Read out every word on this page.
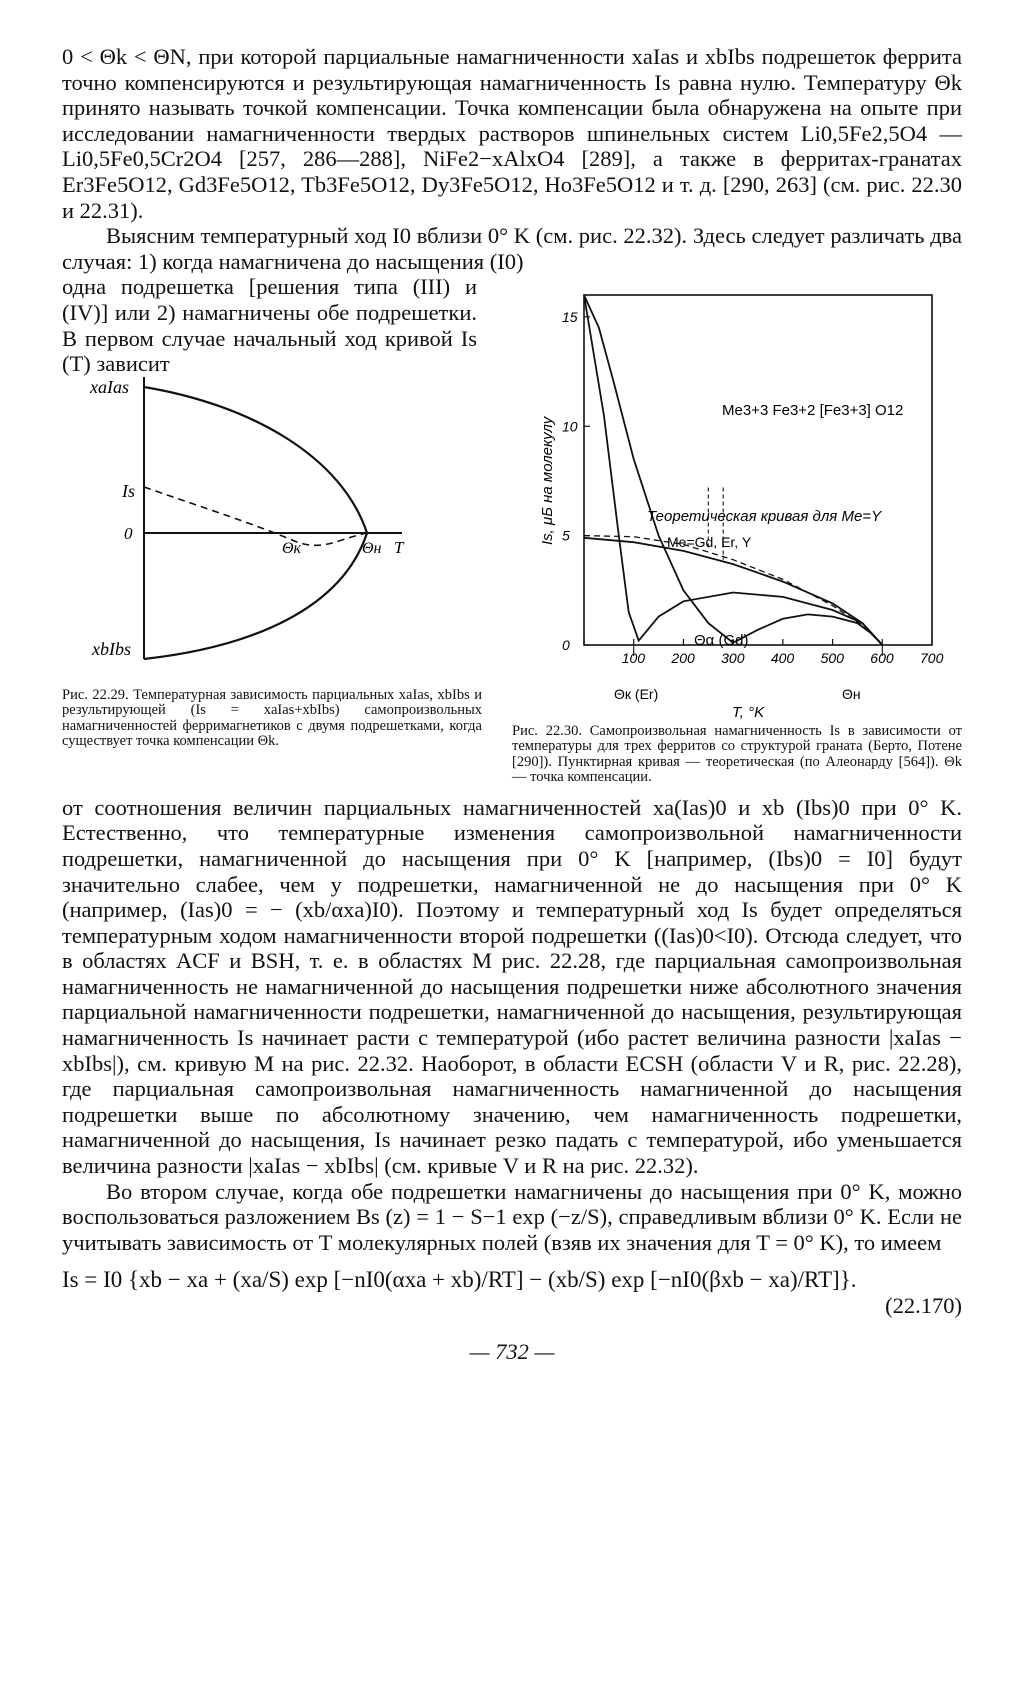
0 < Θk < ΘN, при которой парциальные намагниченности xaIas и xbIbs подрешеток феррита точно компенсируются и результирующая намагниченность Is равна нулю. Температуру Θk принято называть точкой компенсации. Точка компенсации была обнаружена на опыте при исследовании намагниченности твердых растворов шпинельных систем Li0,5Fe2,5O4 — Li0,5Fe0,5Cr2O4 [257, 286—288], NiFe2−xAlxO4 [289], а также в ферритах-гранатах Er3Fe5O12, Gd3Fe5O12, Tb3Fe5O12, Dy3Fe5O12, Ho3Fe5O12 и т. д. [290, 263] (см. рис. 22.30 и 22.31).

Выясним температурный ход I0 вблизи 0° K (см. рис. 22.32). Здесь следует различать два случая: 1) когда намагничена до насыщения (I0)

одна подрешетка [решения типа (III) и (IV)] или 2) намагничены обе подрешетки. В первом случае начальный ход кривой Is (T) зависит
xaIas
Is
0
Θк	Θн T
xbIbs
Рис. 22.29. Температурная зависимость парциальных xaIas, xbIbs и результирующей (Is = xaIas+xbIbs) самопроизвольных намагниченностей ферримагнетиков с двумя подрешетками, когда существует точка компенсации Θk.
100 200 300 400 500 600 700
0
5
10
15
Me3+3 Fe3+2 [Fe3+3] O12
Теоретическая кривая для Me=Y
Me=Gd, Er, Y
Θα (Gd)
Θк (Er)	Θн
T, °K
Is, μБ на молекулу
Рис. 22.30. Самопроизвольная намагниченность Is в зависимости от температуры для трех ферритов со структурой граната (Берто, Потене [290]). Пунктирная кривая — теоретическая (по Алеонарду [564]). Θk — точка компенсации.

от соотношения величин парциальных намагниченностей xa(Ias)0 и xb (Ibs)0 при 0° K. Естественно, что температурные изменения самопроизвольной намагниченности подрешетки, намагниченной до насыщения при 0° K [например, (Ibs)0 = I0] будут значительно слабее, чем у подрешетки, намагниченной не до насыщения при 0° K (например, (Ias)0 = − (xb/αxa)I0). Поэтому и температурный ход Is будет определяться температурным ходом намагниченности второй подрешетки ((Ias)0<I0). Отсюда следует, что в областях ACF и BSH, т. е. в областях M рис. 22.28, где парциальная самопроизвольная намагниченность не намагниченной до насыщения подрешетки ниже абсолютного значения парциальной намагниченности подрешетки, намагниченной до насыщения, результирующая намагниченность Is начинает расти с температурой (ибо растет величина разности |xaIas − xbIbs|), см. кривую M на рис. 22.32. Наоборот, в области ECSH (области V и R, рис. 22.28), где парциальная самопроизвольная намагниченность намагниченной до насыщения подрешетки выше по абсолютному значению, чем намагниченность подрешетки, намагниченной до насыщения, Is начинает резко падать с температурой, ибо уменьшается величина разности |xaIas − xbIbs| (см. кривые V и R на рис. 22.32).

Во втором случае, когда обе подрешетки намагничены до насыщения при 0° K, можно воспользоваться разложением Bs (z) = 1 − S−1 exp (−z/S), справедливым вблизи 0° K. Если не учитывать зависимость от T молекулярных полей (взяв их значения для T = 0° K), то имеем

Is = I0 {xb − xa + (xa/S) exp [−nI0(αxa + xb)/RT] − (xb/S) exp [−nI0(βxb − xa)/RT]}.
(22.170)
— 732 —
